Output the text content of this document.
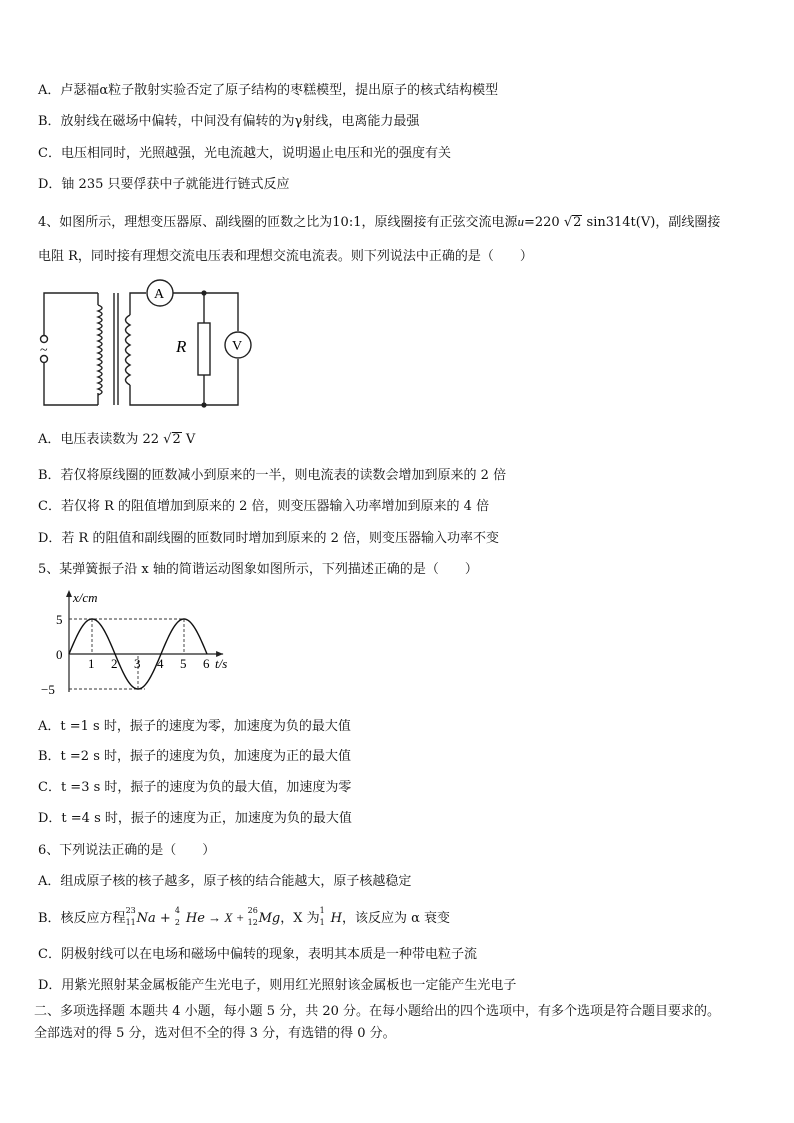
A．卢瑟福α粒子散射实验否定了原子结构的枣糕模型，提出原子的核式结构模型
B．放射线在磁场中偏转，中间没有偏转的为γ射线，电离能力最强
C．电压相同时，光照越强，光电流越大，说明遏止电压和光的强度有关
D．铀 235 只要俘获中子就能进行链式反应
4、如图所示，理想变压器原、副线圈的匝数之比为10:1，原线圈接有正弦交流电源u=220 √2 sin314t(V)，副线圈接
电阻 R，同时接有理想交流电压表和理想交流电流表。则下列说法中正确的是（　　）
~
A
V
R
A．电压表读数为 22 √2 V
B．若仅将原线圈的匝数减小到原来的一半，则电流表的读数会增加到原来的 2 倍
C．若仅将 R 的阻值增加到原来的 2 倍，则变压器输入功率增加到原来的 4 倍
D．若 R 的阻值和副线圈的匝数同时增加到原来的 2 倍，则变压器输入功率不变
5、某弹簧振子沿 x 轴的简谐运动图象如图所示，下列描述正确的是（　　）
1 2 3 4 5 6
5
0
−5
x/cm
t/s
A．t =1 s 时，振子的速度为零，加速度为负的最大值
B．t =2 s 时，振子的速度为负，加速度为正的最大值
C．t =3 s 时，振子的速度为负的最大值，加速度为零
D．t =4 s 时，振子的速度为正，加速度为负的最大值
6、下列说法正确的是（　　）
A．组成原子核的核子越多，原子核的结合能越大，原子核越稳定
B．核反应方程
23
11 Na +
4
2 He → X + 26
12 Mg，X 为
1
1 H，该反应为 α 衰变
C．阴极射线可以在电场和磁场中偏转的现象，表明其本质是一种带电粒子流
D．用紫光照射某金属板能产生光电子，则用红光照射该金属板也一定能产生光电子
二、多项选择题 本题共 4 小题，每小题 5 分，共 20 分。在每小题给出的四个选项中，有多个选项是符合题目要求的。
全部选对的得 5 分，选对但不全的得 3 分，有选错的得 0 分。
